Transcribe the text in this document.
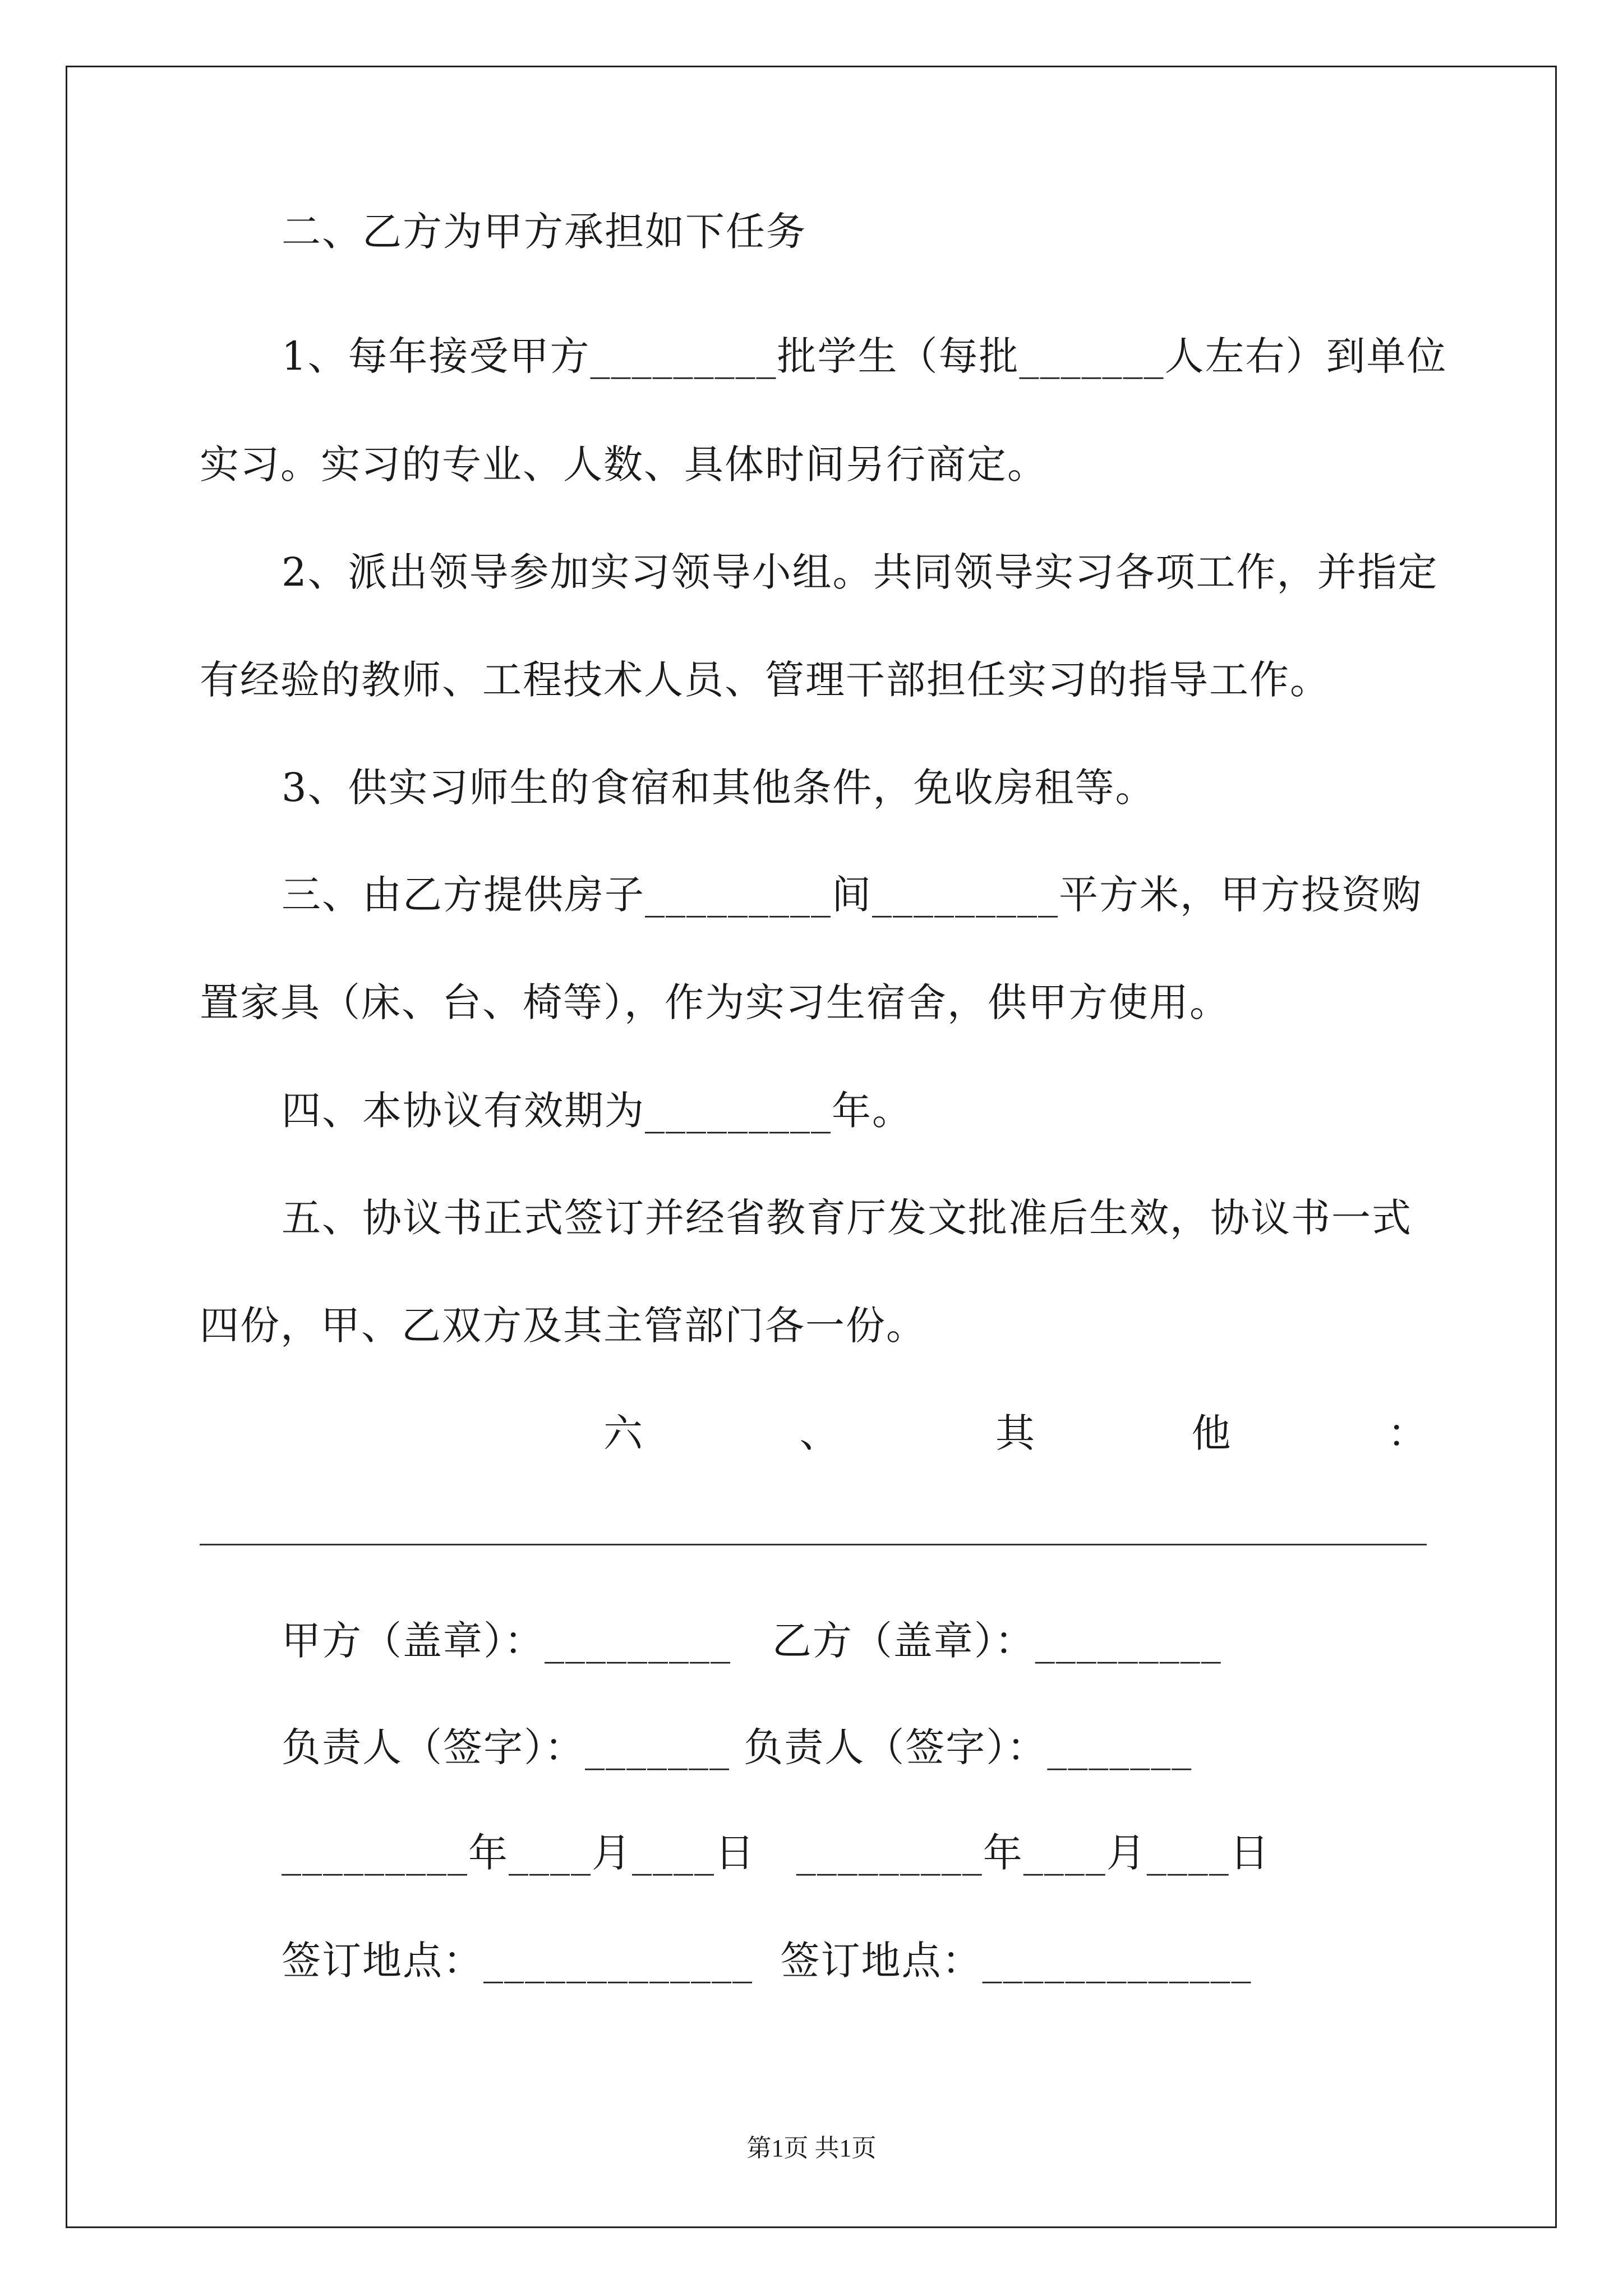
二、乙方为甲方承担如下任务
1、每年接受甲方_________批学生（每批_______人左右）到单位
实习。实习的专业、人数、具体时间另行商定。
2、派出领导参加实习领导小组。共同领导实习各项工作，并指定
有经验的教师、工程技术人员、管理干部担任实习的指导工作。
3、供实习师生的食宿和其他条件，免收房租等。
三、由乙方提供房子_________间_________平方米，甲方投资购
置家具（床、台、椅等），作为实习生宿舍，供甲方使用。
四、本协议有效期为_________年。
五、协议书正式签订并经省教育厅发文批准后生效，协议书一式
四份，甲、乙双方及其主管部门各一份。
六	、	其	他	：
甲方（盖章）：_________   乙方（盖章）：_________
负责人（签字）：_______ 负责人（签字）：_______
_________年____月____日   _________年____月____日
签订地点：_____________  签订地点：_____________
第1页 共1页
